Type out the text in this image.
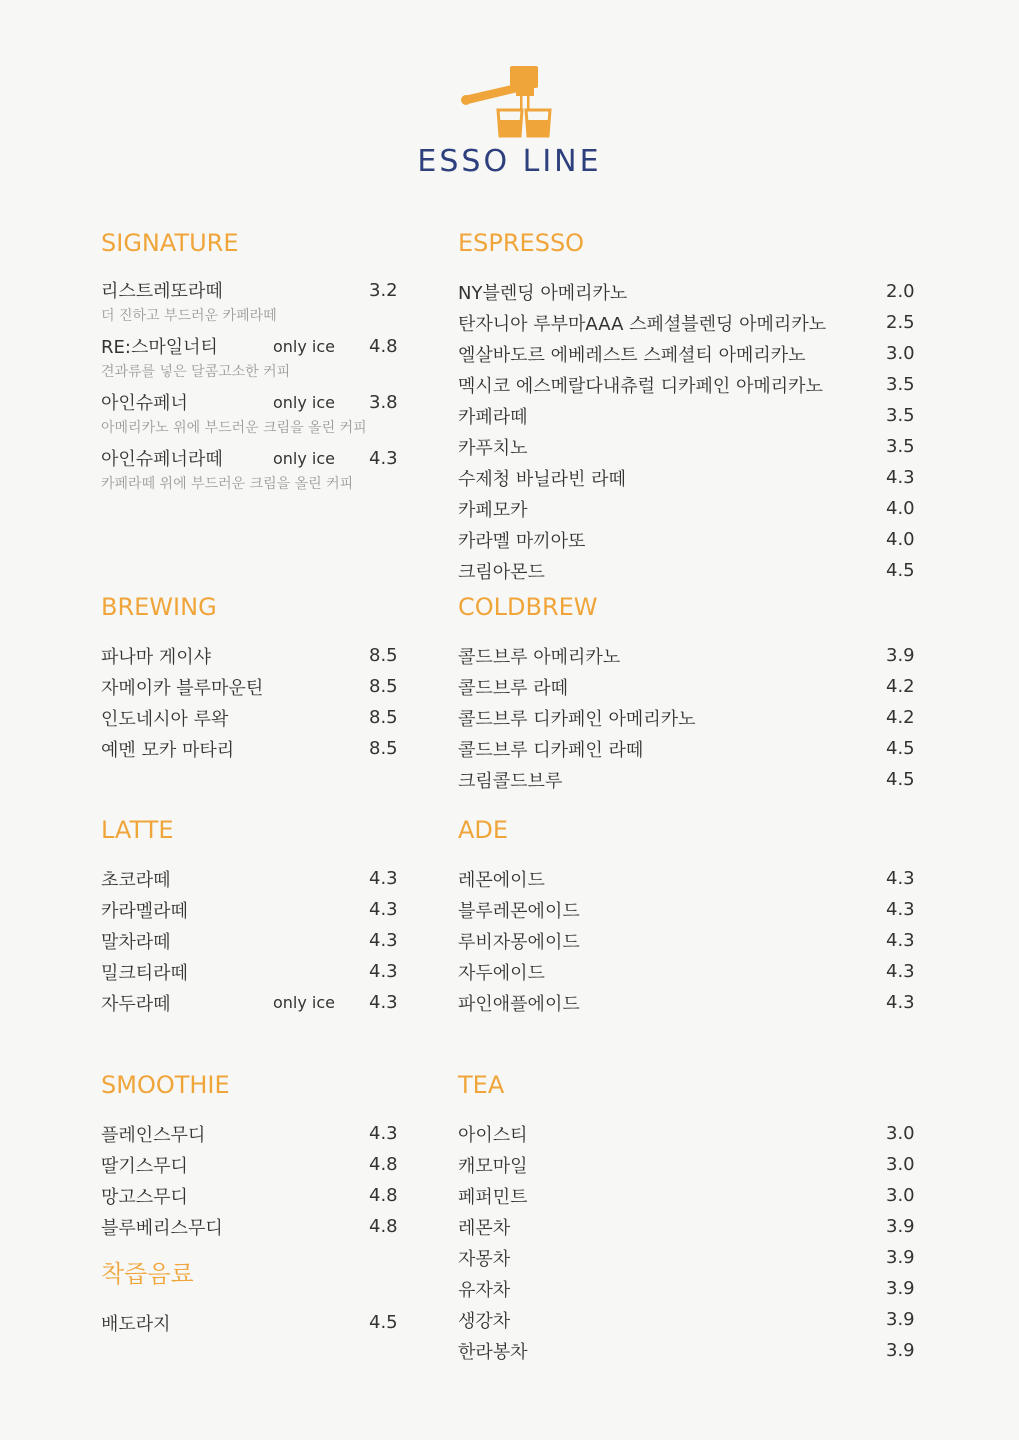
ESSO LINE
SIGNATURE
리스트레또라떼	3.2
더 진하고 부드러운 카페라떼
RE:스마일너티	only ice 4.8
견과류를 넣은 달콤고소한 커피
아인슈페너	only ice 3.8
아메리카노 위에 부드러운 크림을 올린 커피
아인슈페너라떼	only ice 4.3
카페라떼 위에 부드러운 크림을 올린 커피
ESPRESSO
NY블렌딩 아메리카노	2.0
탄자니아 루부마AAA 스페셜블렌딩 아메리카노	2.5
엘살바도르 에베레스트 스페셜티 아메리카노	3.0
멕시코 에스메랄다내츄럴 디카페인 아메리카노	3.5
카페라떼	3.5
카푸치노	3.5
수제청 바닐라빈 라떼	4.3
카페모카	4.0
카라멜 마끼아또	4.0
크림아몬드	4.5
BREWING
파나마 게이샤	8.5
자메이카 블루마운틴	8.5
인도네시아 루왁	8.5
예멘 모카 마타리	8.5
COLDBREW
콜드브루 아메리카노	3.9
콜드브루 라떼	4.2
콜드브루 디카페인 아메리카노	4.2
콜드브루 디카페인 라떼	4.5
크림콜드브루	4.5
LATTE
초코라떼	4.3
카라멜라떼	4.3
말차라떼	4.3
밀크티라떼	4.3
자두라떼	only ice 4.3
ADE
레몬에이드	4.3
블루레몬에이드	4.3
루비자몽에이드	4.3
자두에이드	4.3
파인애플에이드	4.3
SMOOTHIE
플레인스무디	4.3
딸기스무디	4.8
망고스무디	4.8
블루베리스무디	4.8
착즙음료
배도라지	4.5
TEA
아이스티	3.0
캐모마일	3.0
페퍼민트	3.0
레몬차	3.9
자몽차	3.9
유자차	3.9
생강차	3.9
한라봉차	3.9
